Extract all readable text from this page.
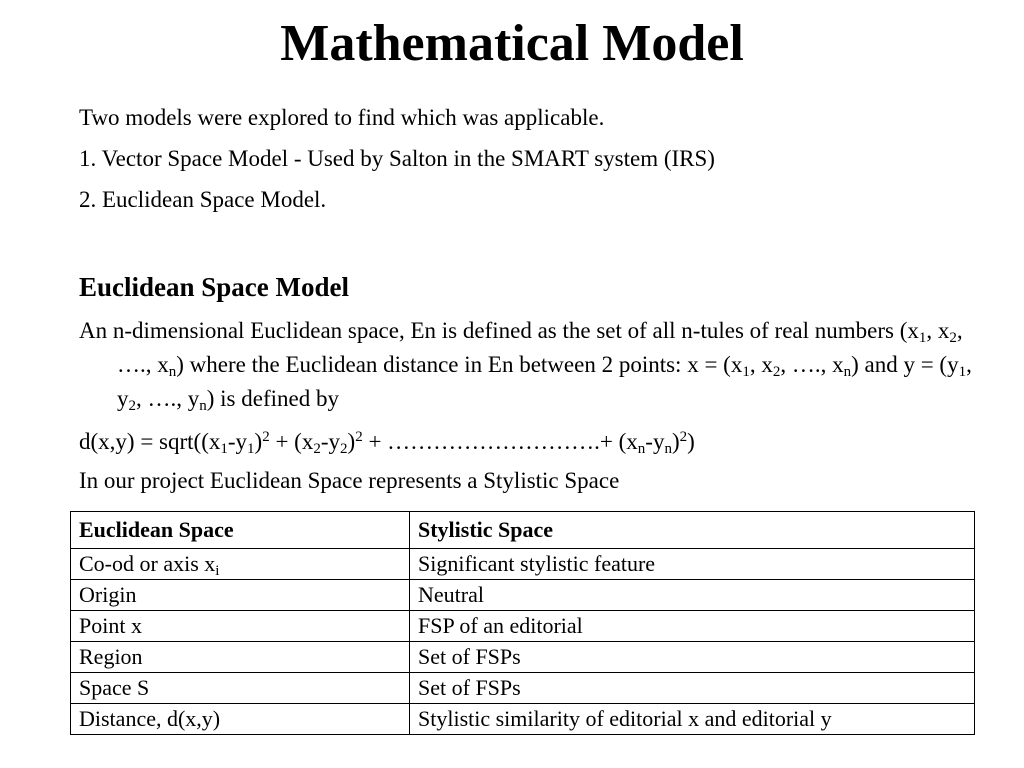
Mathematical Model

Two models were explored to find which was applicable.

1. Vector Space Model - Used by Salton in the SMART system (IRS)

2. Euclidean Space Model.

Euclidean Space Model

An n-dimensional Euclidean space, En is defined as the set of all n-tules of real numbers ($x_1$, $x_2$, …., $x_n$) where the Euclidean distance in En between 2 points: $x = (x_1$, $x_2$, …., $x_n$) and $y = (y_1$, $y_2$, …., $y_n$) is defined by

$d(x,y) = sqrt((x_1-y_1)^2 + (x_2-y_2)^2$ + ……………………….+ $(x_n-y_n)^2$)

In our project Euclidean Space represents a Stylistic Space

Euclidean Space	Stylistic Space
Co-od or axis $x_i$	Significant stylistic feature
Origin	Neutral
Point x	FSP of an editorial
Region	Set of FSPs
Space S	Set of FSPs
Distance, d(x,y)	Stylistic similarity of editorial x and editorial y
